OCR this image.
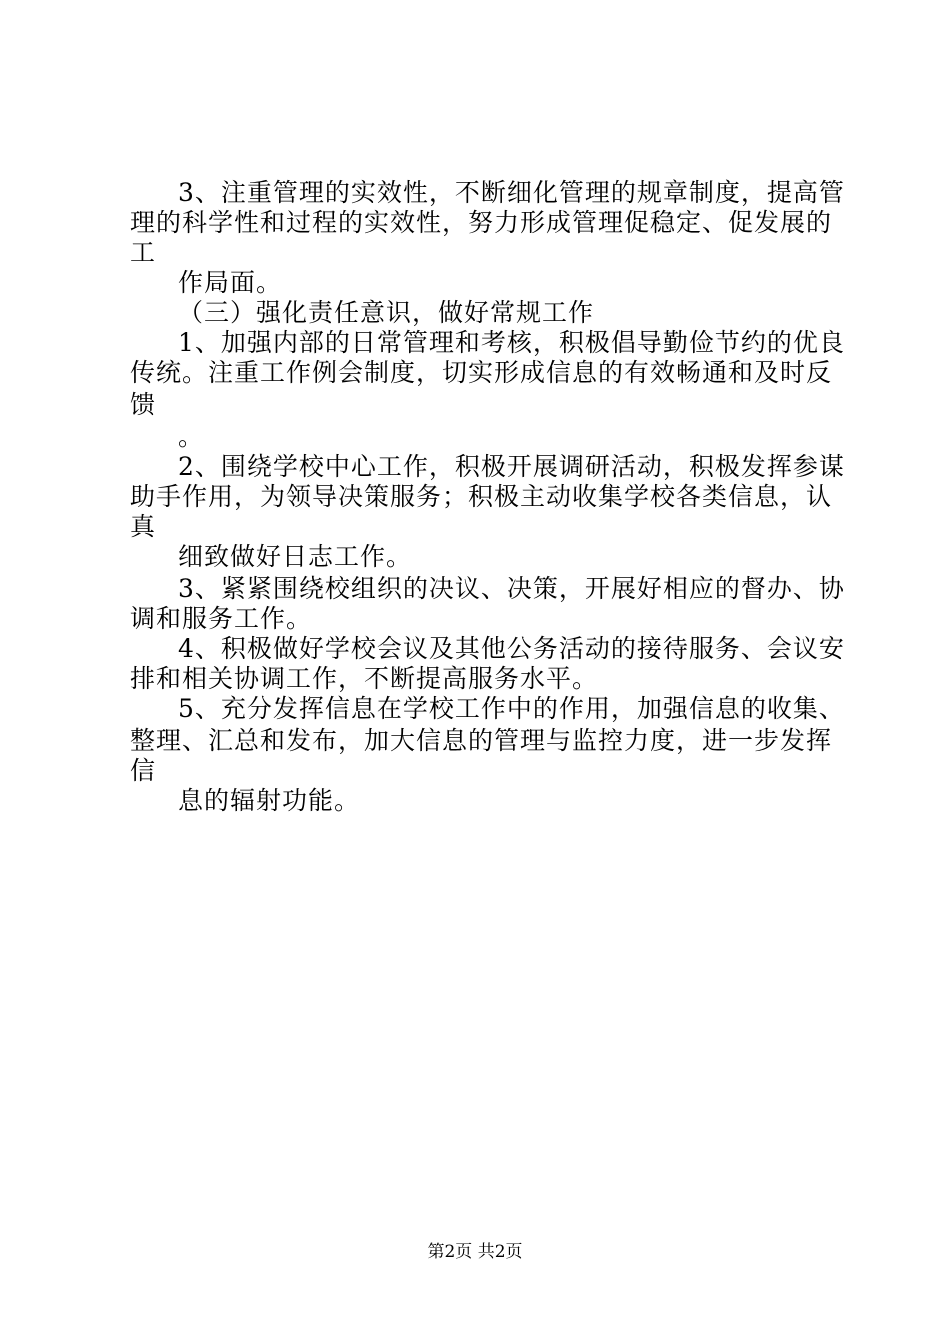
3、注重管理的实效性，不断细化管理的规章制度，提高管
理的科学性和过程的实效性，努力形成管理促稳定、促发展的
工
作局面。
（三）强化责任意识，做好常规工作
1、加强内部的日常管理和考核，积极倡导勤俭节约的优良
传统。注重工作例会制度，切实形成信息的有效畅通和及时反
馈
。
2、围绕学校中心工作，积极开展调研活动，积极发挥参谋
助手作用，为领导决策服务；积极主动收集学校各类信息，认
真
细致做好日志工作。
3、紧紧围绕校组织的决议、决策，开展好相应的督办、协
调和服务工作。
4、积极做好学校会议及其他公务活动的接待服务、会议安
排和相关协调工作，不断提高服务水平。
5、充分发挥信息在学校工作中的作用，加强信息的收集、
整理、汇总和发布，加大信息的管理与监控力度，进一步发挥
信
息的辐射功能。
第2页 共2页
